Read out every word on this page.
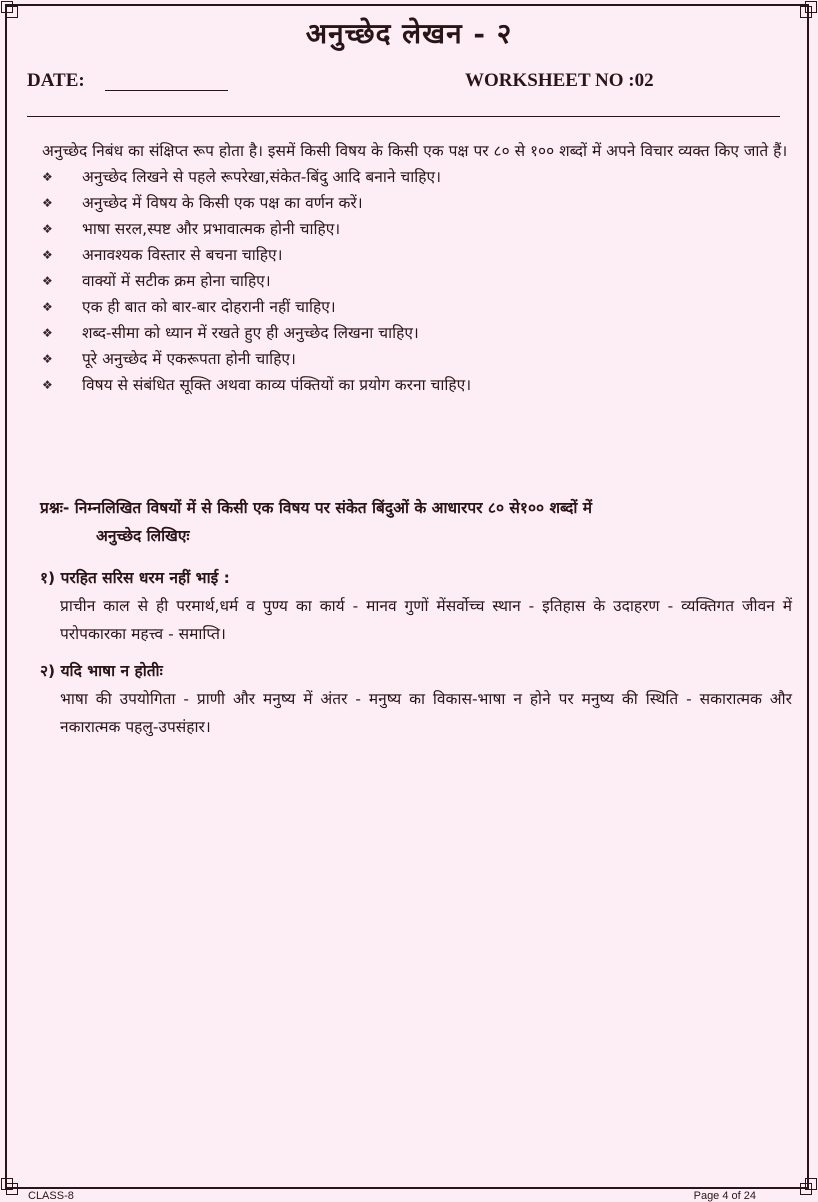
अनुच्छेद लेखन - २
DATE:	WORKSHEET NO :02

अनुच्छेद निबंध का संक्षिप्त रूप होता है। इसमें किसी विषय के किसी एक पक्ष पर ८० से १०० शब्दों में अपने विचार व्यक्त किए जाते हैं।

❖ अनुच्छेद लिखने से पहले रूपरेखा,संकेत-बिंदु आदि बनाने चाहिए।
❖ अनुच्छेद में विषय के किसी एक पक्ष का वर्णन करें।
❖ भाषा सरल,स्पष्ट और प्रभावात्मक होनी चाहिए।
❖ अनावश्यक विस्तार से बचना चाहिए।
❖ वाक्यों में सटीक क्रम होना चाहिए।
❖ एक ही बात को बार-बार दोहरानी नहीं चाहिए।
❖ शब्द-सीमा को ध्यान में रखते हुए ही अनुच्छेद लिखना चाहिए।
❖ पूरे अनुच्छेद में एकरूपता होनी चाहिए।
❖ विषय से संबंधित सूक्ति अथवा काव्य पंक्तियों का प्रयोग करना चाहिए।
प्रश्नः- निम्नलिखित विषयों में से किसी एक विषय पर संकेत बिंदुओं के आधारपर ८० से१०० शब्दों में
अनुच्छेद लिखिएः
१) परहित सरिस धरम नहीं भाई :
प्राचीन काल से ही परमार्थ,धर्म व पुण्य का कार्य - मानव गुणों मेंसर्वोच्च स्थान - इतिहास के उदाहरण - व्यक्तिगत जीवन में परोपकारका महत्त्व - समाप्ति।
२) यदि भाषा न होतीः
भाषा की उपयोगिता - प्राणी और मनुष्य में अंतर - मनुष्य का विकास-भाषा न होने पर मनुष्य की स्थिति - सकारात्मक और नकारात्मक पहलु-उपसंहार।
CLASS-8	Page 4 of 24
